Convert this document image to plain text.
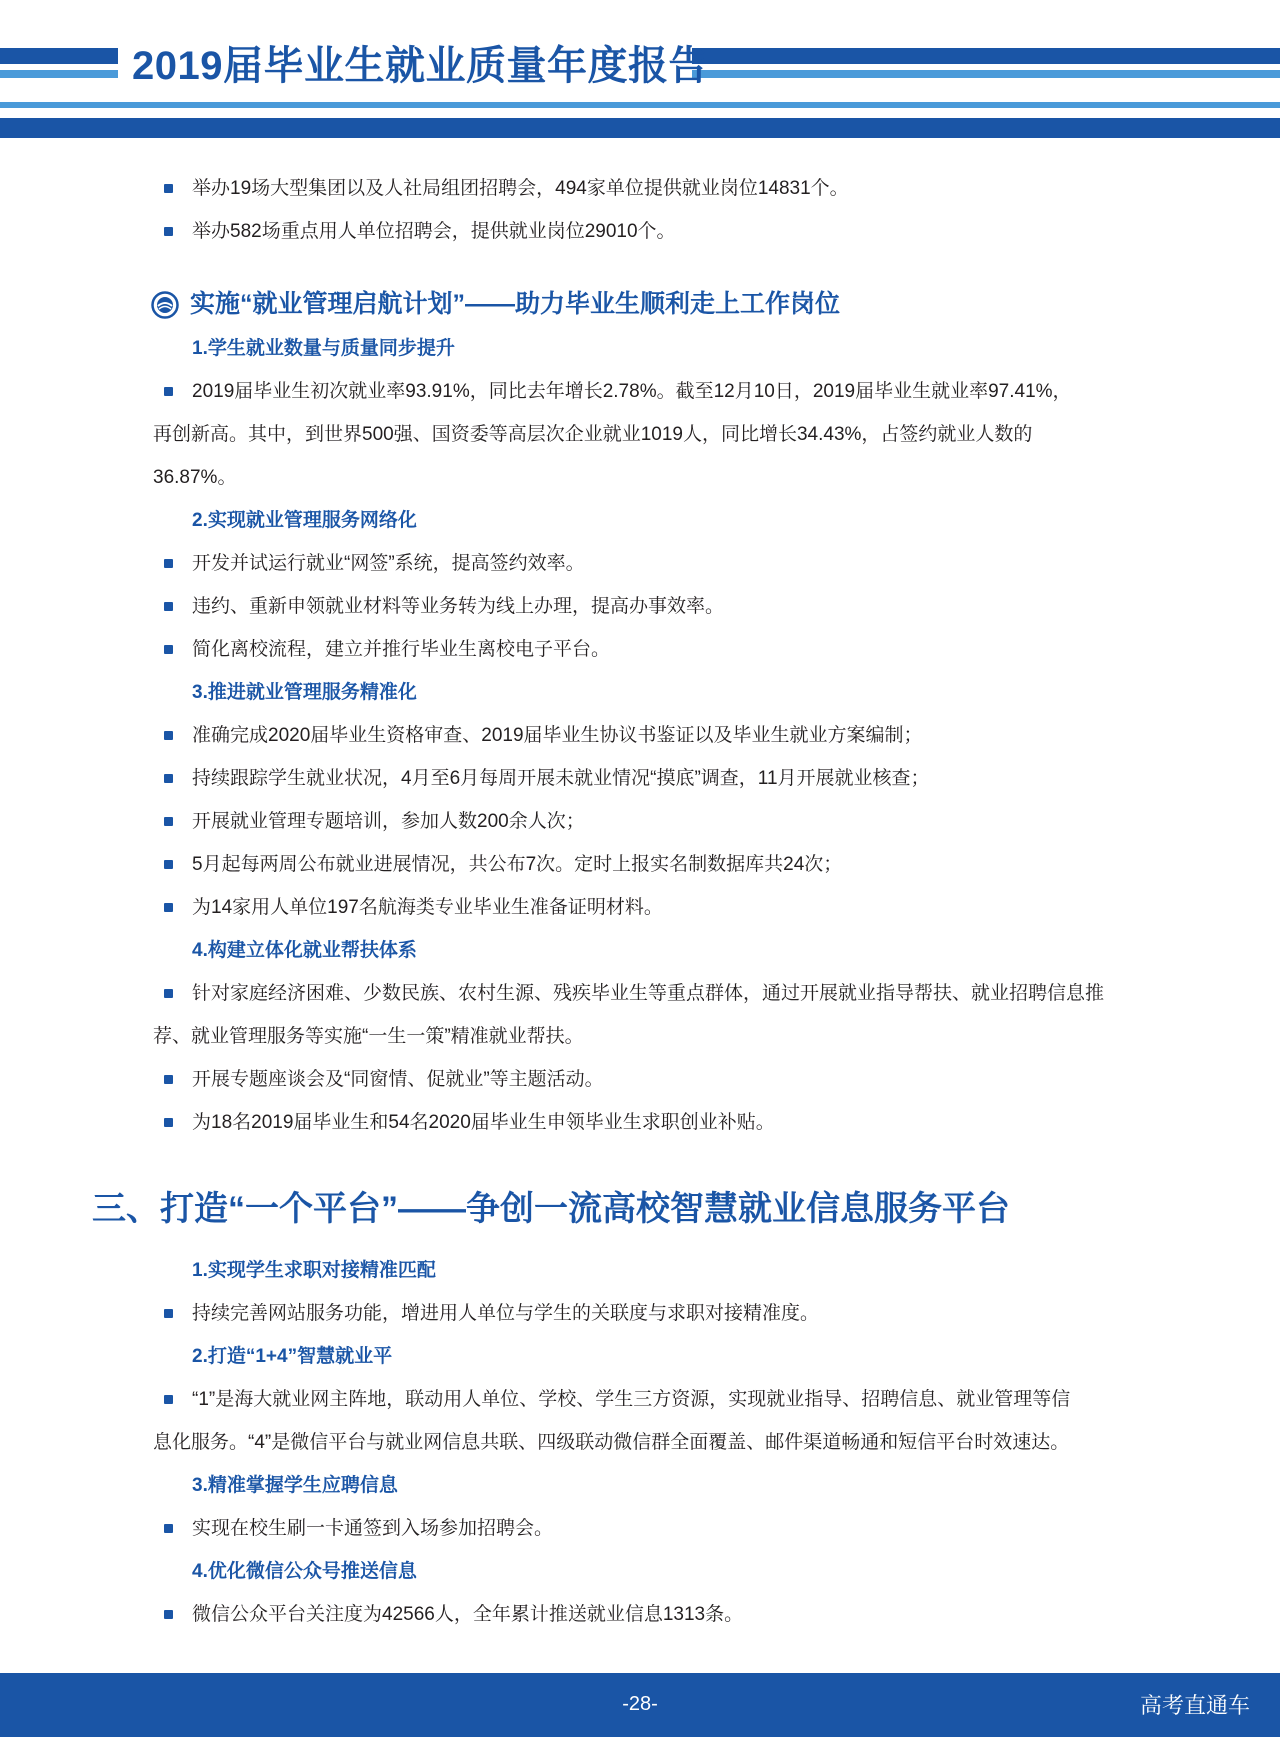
2019届毕业生就业质量年度报告
举办19场大型集团以及人社局组团招聘会，494家单位提供就业岗位14831个。
举办582场重点用人单位招聘会，提供就业岗位29010个。
实施“就业管理启航计划”——助力毕业生顺利走上工作岗位
1.学生就业数量与质量同步提升
2019届毕业生初次就业率93.91%，同比去年增长2.78%。截至12月10日，2019届毕业生就业率97.41%，
再创新高。其中，到世界500强、国资委等高层次企业就业1019人，同比增长34.43%，占签约就业人数的
36.87%。
2.实现就业管理服务网络化
开发并试运行就业“网签”系统，提高签约效率。
违约、重新申领就业材料等业务转为线上办理，提高办事效率。
简化离校流程，建立并推行毕业生离校电子平台。
3.推进就业管理服务精准化
准确完成2020届毕业生资格审查、2019届毕业生协议书鉴证以及毕业生就业方案编制；
持续跟踪学生就业状况，4月至6月每周开展未就业情况“摸底”调查，11月开展就业核查；
开展就业管理专题培训，参加人数200余人次；
5月起每两周公布就业进展情况，共公布7次。定时上报实名制数据库共24次；
为14家用人单位197名航海类专业毕业生准备证明材料。
4.构建立体化就业帮扶体系
针对家庭经济困难、少数民族、农村生源、残疾毕业生等重点群体，通过开展就业指导帮扶、就业招聘信息推
荐、就业管理服务等实施“一生一策”精准就业帮扶。
开展专题座谈会及“同窗情、促就业”等主题活动。
为18名2019届毕业生和54名2020届毕业生申领毕业生求职创业补贴。
三、打造“一个平台”——争创一流高校智慧就业信息服务平台
1.实现学生求职对接精准匹配
持续完善网站服务功能，增进用人单位与学生的关联度与求职对接精准度。
2.打造“1+4”智慧就业平
“1”是海大就业网主阵地，联动用人单位、学校、学生三方资源，实现就业指导、招聘信息、就业管理等信
息化服务。“4”是微信平台与就业网信息共联、四级联动微信群全面覆盖、邮件渠道畅通和短信平台时效速达。
3.精准掌握学生应聘信息
实现在校生刷一卡通签到入场参加招聘会。
4.优化微信公众号推送信息
微信公众平台关注度为42566人，全年累计推送就业信息1313条。
-28-	高考直通车
